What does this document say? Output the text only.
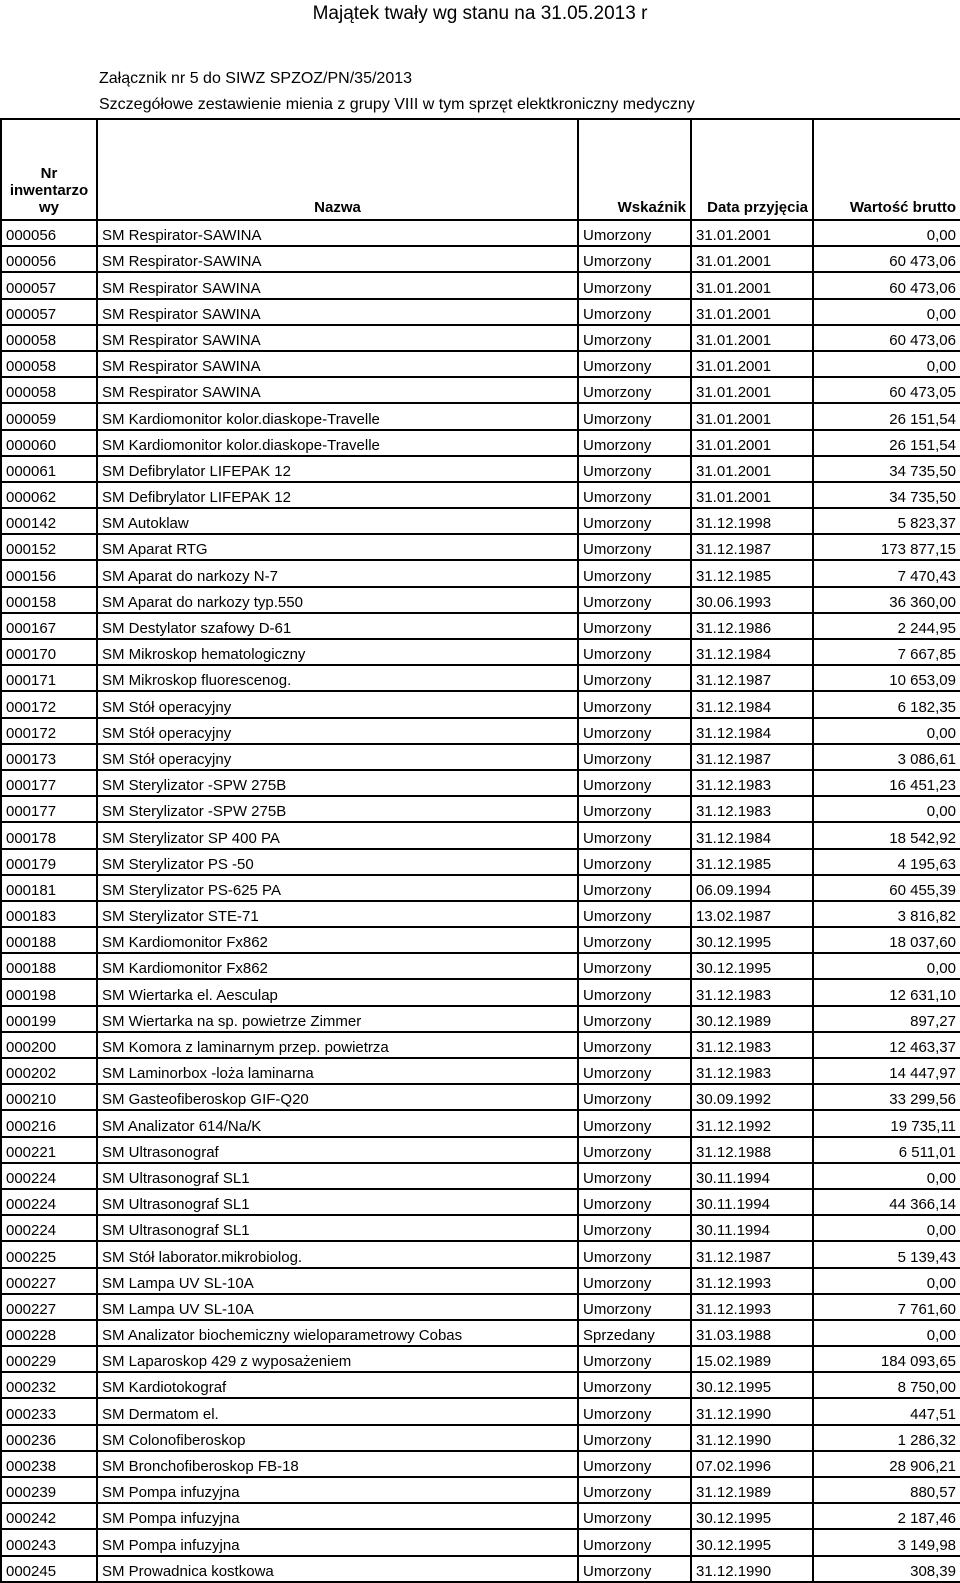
Majątek twały wg stanu na 31.05.2013 r
Załącznik nr 5 do SIWZ SPZOZ/PN/35/2013
Szczegółowe zestawienie mienia z grupy VIII w tym sprzęt elektkroniczny medyczny
Nr
inwentarzo
wy	Nazwa	Wskaźnik	Data przyjęcia	Wartość brutto
000056	SM Respirator-SAWINA	Umorzony	31.01.2001	0,00
000056	SM Respirator-SAWINA	Umorzony	31.01.2001	60 473,06
000057	SM Respirator SAWINA	Umorzony	31.01.2001	60 473,06
000057	SM Respirator SAWINA	Umorzony	31.01.2001	0,00
000058	SM Respirator SAWINA	Umorzony	31.01.2001	60 473,06
000058	SM Respirator SAWINA	Umorzony	31.01.2001	0,00
000058	SM Respirator SAWINA	Umorzony	31.01.2001	60 473,05
000059	SM Kardiomonitor kolor.diaskope-Travelle	Umorzony	31.01.2001	26 151,54
000060	SM Kardiomonitor kolor.diaskope-Travelle	Umorzony	31.01.2001	26 151,54
000061	SM Defibrylator LIFEPAK 12	Umorzony	31.01.2001	34 735,50
000062	SM Defibrylator LIFEPAK 12	Umorzony	31.01.2001	34 735,50
000142	SM Autoklaw	Umorzony	31.12.1998	5 823,37
000152	SM Aparat RTG	Umorzony	31.12.1987	173 877,15
000156	SM Aparat do narkozy N-7	Umorzony	31.12.1985	7 470,43
000158	SM Aparat do narkozy typ.550	Umorzony	30.06.1993	36 360,00
000167	SM Destylator szafowy D-61	Umorzony	31.12.1986	2 244,95
000170	SM Mikroskop hematologiczny	Umorzony	31.12.1984	7 667,85
000171	SM Mikroskop fluorescenog.	Umorzony	31.12.1987	10 653,09
000172	SM Stół operacyjny	Umorzony	31.12.1984	6 182,35
000172	SM Stół operacyjny	Umorzony	31.12.1984	0,00
000173	SM Stół operacyjny	Umorzony	31.12.1987	3 086,61
000177	SM Sterylizator -SPW 275B	Umorzony	31.12.1983	16 451,23
000177	SM Sterylizator -SPW 275B	Umorzony	31.12.1983	0,00
000178	SM Sterylizator SP 400 PA	Umorzony	31.12.1984	18 542,92
000179	SM Sterylizator PS -50	Umorzony	31.12.1985	4 195,63
000181	SM Sterylizator PS-625 PA	Umorzony	06.09.1994	60 455,39
000183	SM Sterylizator STE-71	Umorzony	13.02.1987	3 816,82
000188	SM Kardiomonitor Fx862	Umorzony	30.12.1995	18 037,60
000188	SM Kardiomonitor Fx862	Umorzony	30.12.1995	0,00
000198	SM Wiertarka el. Aesculap	Umorzony	31.12.1983	12 631,10
000199	SM Wiertarka na sp. powietrze Zimmer	Umorzony	30.12.1989	897,27
000200	SM Komora z laminarnym przep. powietrza	Umorzony	31.12.1983	12 463,37
000202	SM Laminorbox -loża laminarna	Umorzony	31.12.1983	14 447,97
000210	SM Gasteofiberoskop GIF-Q20	Umorzony	30.09.1992	33 299,56
000216	SM Analizator 614/Na/K	Umorzony	31.12.1992	19 735,11
000221	SM Ultrasonograf	Umorzony	31.12.1988	6 511,01
000224	SM Ultrasonograf SL1	Umorzony	30.11.1994	0,00
000224	SM Ultrasonograf SL1	Umorzony	30.11.1994	44 366,14
000224	SM Ultrasonograf SL1	Umorzony	30.11.1994	0,00
000225	SM Stół laborator.mikrobiolog.	Umorzony	31.12.1987	5 139,43
000227	SM Lampa UV SL-10A	Umorzony	31.12.1993	0,00
000227	SM Lampa UV SL-10A	Umorzony	31.12.1993	7 761,60
000228	SM Analizator biochemiczny wieloparametrowy Cobas	Sprzedany	31.03.1988	0,00
000229	SM Laparoskop 429 z wyposażeniem	Umorzony	15.02.1989	184 093,65
000232	SM Kardiotokograf	Umorzony	30.12.1995	8 750,00
000233	SM Dermatom el.	Umorzony	31.12.1990	447,51
000236	SM Colonofiberoskop	Umorzony	31.12.1990	1 286,32
000238	SM Bronchofiberoskop FB-18	Umorzony	07.02.1996	28 906,21
000239	SM Pompa infuzyjna	Umorzony	31.12.1989	880,57
000242	SM Pompa infuzyjna	Umorzony	30.12.1995	2 187,46
000243	SM Pompa infuzyjna	Umorzony	30.12.1995	3 149,98
000245	SM Prowadnica kostkowa	Umorzony	31.12.1990	308,39
